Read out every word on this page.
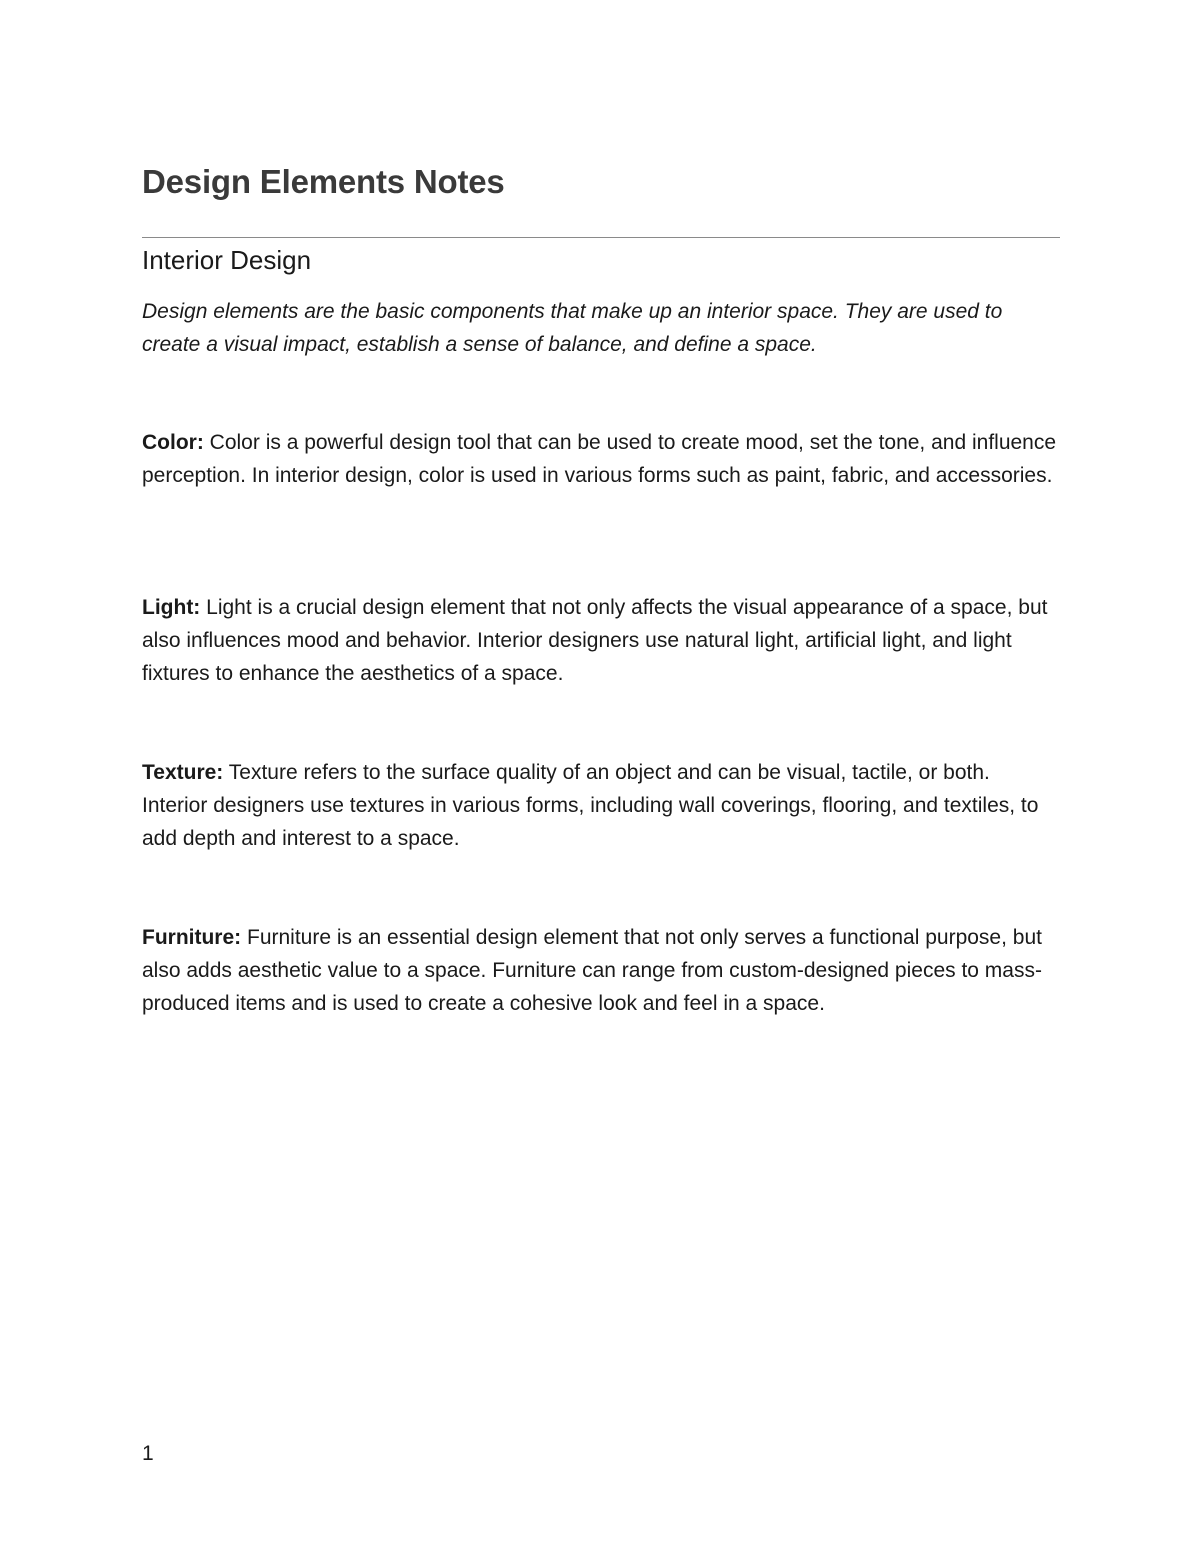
Design Elements Notes
Interior Design

Design elements are the basic components that make up an interior space. They are used to create a visual impact, establish a sense of balance, and define a space.

Color: Color is a powerful design tool that can be used to create mood, set the tone, and influence perception. In interior design, color is used in various forms such as paint, fabric, and accessories.

Light: Light is a crucial design element that not only affects the visual appearance of a space, but also influences mood and behavior. Interior designers use natural light, artificial light, and light fixtures to enhance the aesthetics of a space.

Texture: Texture refers to the surface quality of an object and can be visual, tactile, or both. Interior designers use textures in various forms, including wall coverings, flooring, and textiles, to add depth and interest to a space.

Furniture: Furniture is an essential design element that not only serves a functional purpose, but also adds aesthetic value to a space. Furniture can range from custom-designed pieces to mass-produced items and is used to create a cohesive look and feel in a space.

1
